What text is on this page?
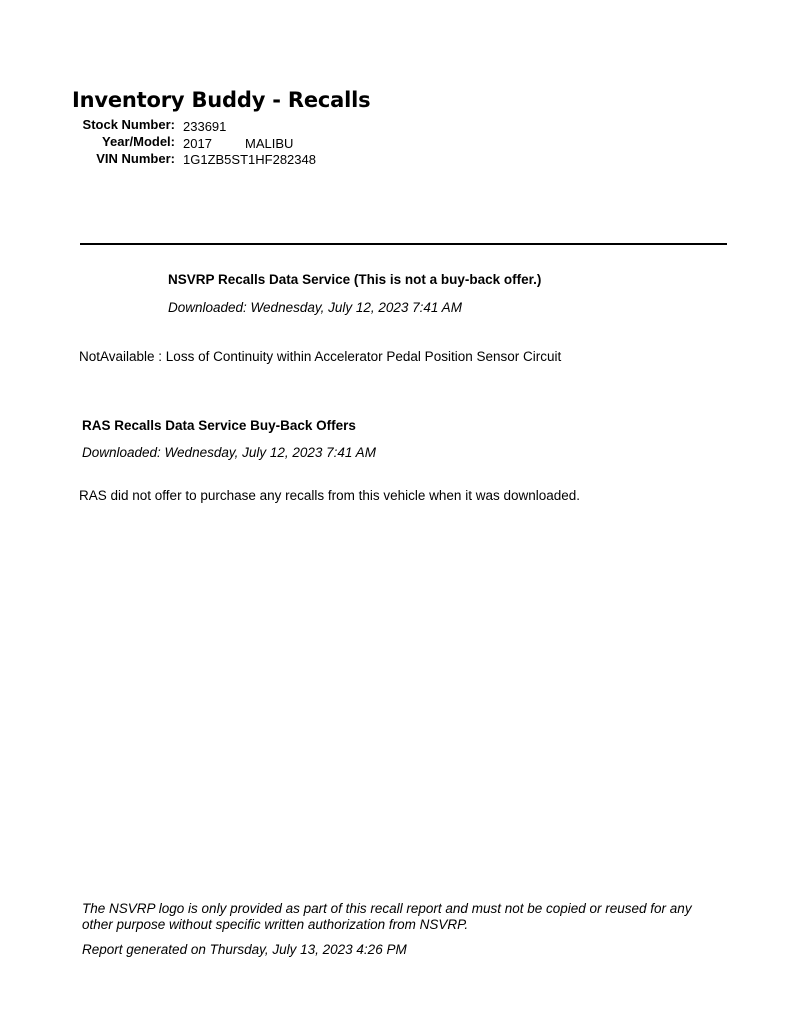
Inventory Buddy - Recalls
Stock Number: 233691
Year/Model: 2017	MALIBU
VIN Number: 1G1ZB5ST1HF282348
NSVRP Recalls Data Service (This is not a buy-back offer.)
Downloaded: Wednesday, July 12, 2023 7:41 AM
NotAvailable : Loss of Continuity within Accelerator Pedal Position Sensor Circuit
RAS Recalls Data Service Buy-Back Offers
Downloaded: Wednesday, July 12, 2023 7:41 AM
RAS did not offer to purchase any recalls from this vehicle when it was downloaded.
The NSVRP logo is only provided as part of this recall report and must not be copied or reused for any other purpose without specific written authorization from NSVRP.
Report generated on Thursday, July 13, 2023 4:26 PM
